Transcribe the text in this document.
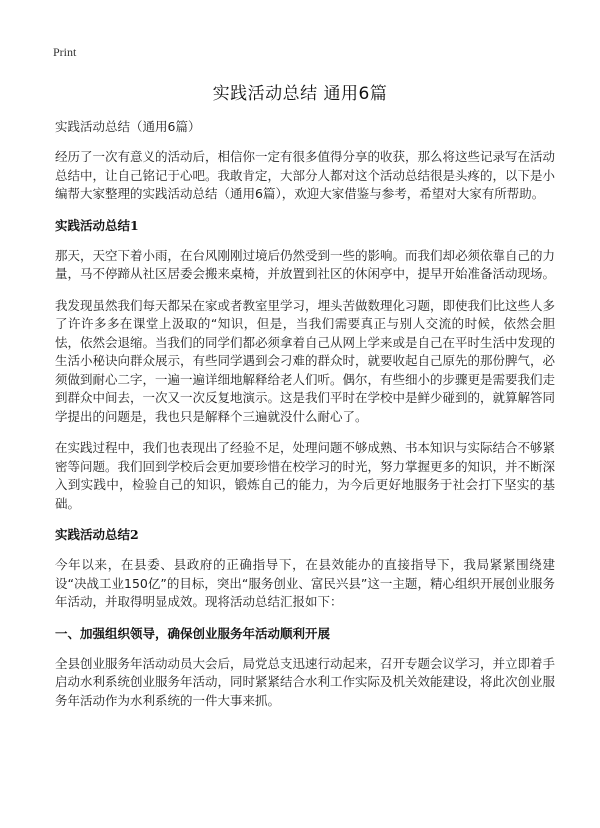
Print
实践活动总结 通用6篇
实践活动总结（通用6篇）

经历了一次有意义的活动后，相信你一定有很多值得分享的收获，那么将这些记录写在活动总结中，让自己铭记于心吧。我敢肯定，大部分人都对这个活动总结很是头疼的，以下是小编帮大家整理的实践活动总结（通用6篇），欢迎大家借鉴与参考，希望对大家有所帮助。

实践活动总结1

那天，天空下着小雨，在台风刚刚过境后仍然受到一些的影响。而我们却必须依靠自己的力量，马不停蹄从社区居委会搬来桌椅，并放置到社区的休闲亭中，提早开始准备活动现场。

我发现虽然我们每天都呆在家或者教室里学习，埋头苦做数理化习题，即使我们比这些人多了许许多多在课堂上汲取的“知识，但是，当我们需要真正与别人交流的时候，依然会胆怯，依然会退缩。当我们的同学们都必须拿着自己从网上学来或是自己在平时生活中发现的生活小秘诀向群众展示，有些同学遇到会刁难的群众时，就要收起自己原先的那份脾气，必须做到耐心二字，一遍一遍详细地解释给老人们听。偶尔，有些细小的步骤更是需要我们走到群众中间去，一次又一次反复地演示。这是我们平时在学校中是鲜少碰到的，就算解答同学提出的问题是，我也只是解释个三遍就没什么耐心了。

在实践过程中，我们也表现出了经验不足，处理问题不够成熟、书本知识与实际结合不够紧密等问题。我们回到学校后会更加要珍惜在校学习的时光，努力掌握更多的知识，并不断深入到实践中，检验自己的知识，锻炼自己的能力，为今后更好地服务于社会打下坚实的基础。

实践活动总结2

今年以来，在县委、县政府的正确指导下，在县效能办的直接指导下，我局紧紧围绕建设“决战工业150亿”的目标，突出“服务创业、富民兴县”这一主题，精心组织开展创业服务年活动，并取得明显成效。现将活动总结汇报如下：

一、加强组织领导，确保创业服务年活动顺利开展

全县创业服务年活动动员大会后，局党总支迅速行动起来，召开专题会议学习，并立即着手启动水利系统创业服务年活动，同时紧紧结合水利工作实际及机关效能建设，将此次创业服务年活动作为水利系统的一件大事来抓。
